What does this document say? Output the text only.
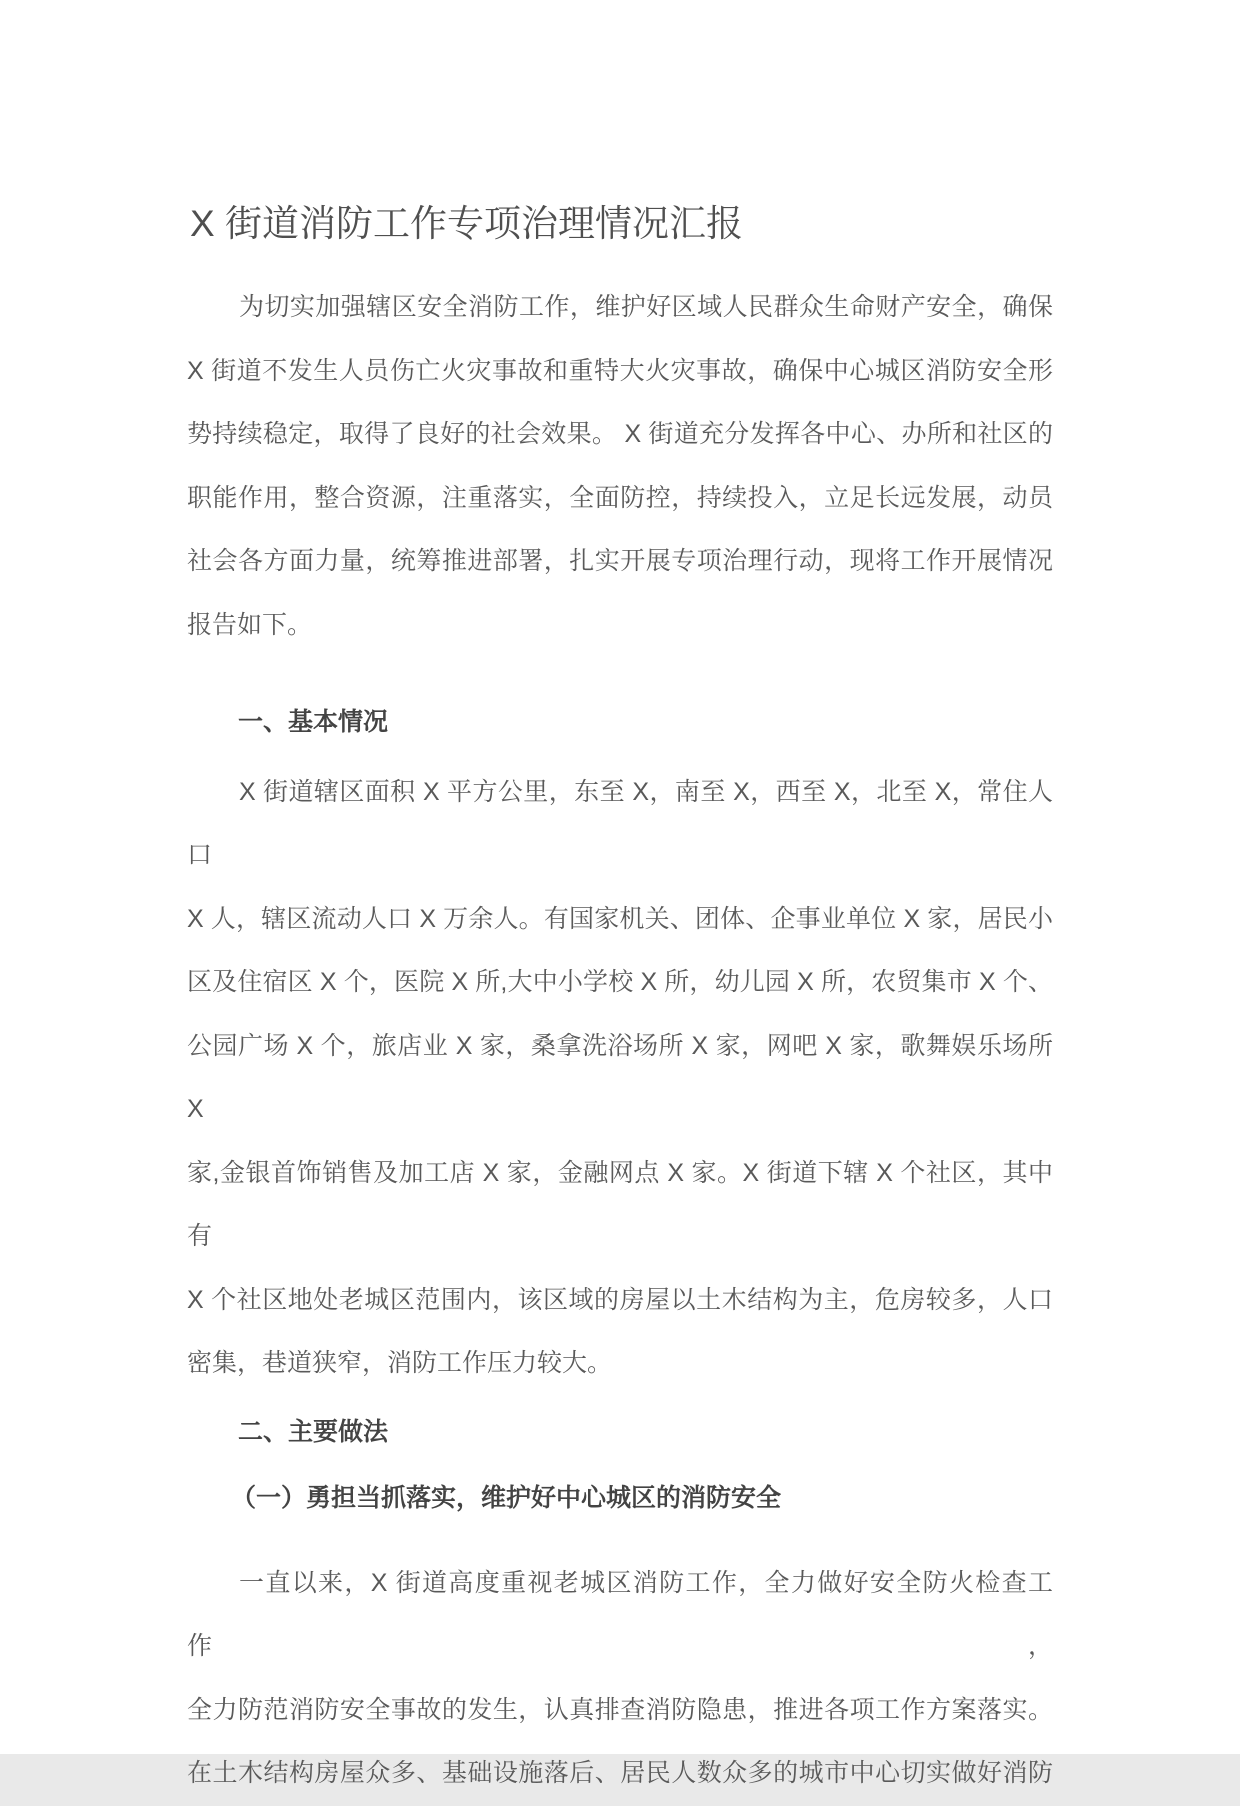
X 街道消防工作专项治理情况汇报
为切实加强辖区安全消防工作，维护好区域人民群众生命财产安全，确保
X 街道不发生人员伤亡火灾事故和重特大火灾事故，确保中心城区消防安全形
势持续稳定，取得了良好的社会效果。 X 街道充分发挥各中心、办所和社区的
职能作用，整合资源，注重落实，全面防控，持续投入，立足长远发展，动员
社会各方面力量，统筹推进部署，扎实开展专项治理行动，现将工作开展情况
报告如下。
一、基本情况
X 街道辖区面积 X 平方公里，东至 X，南至 X，西至 X，北至 X，常住人口
X 人，辖区流动人口 X 万余人。有国家机关、团体、企事业单位 X 家，居民小
区及住宿区 X 个，医院 X 所,大中小学校 X 所，幼儿园 X 所，农贸集市 X 个、
公园广场 X 个，旅店业 X 家，桑拿洗浴场所 X 家，网吧 X 家，歌舞娱乐场所 X
家,金银首饰销售及加工店 X 家，金融网点 X 家。X 街道下辖 X 个社区，其中有
X 个社区地处老城区范围内，该区域的房屋以土木结构为主，危房较多，人口
密集，巷道狭窄，消防工作压力较大。
二、主要做法
（一）勇担当抓落实，维护好中心城区的消防安全
一直以来，X 街道高度重视老城区消防工作，全力做好安全防火检查工作，
全力防范消防安全事故的发生，认真排查消防隐患，推进各项工作方案落实。
在土木结构房屋众多、基础设施落后、居民人数众多的城市中心切实做好消防
